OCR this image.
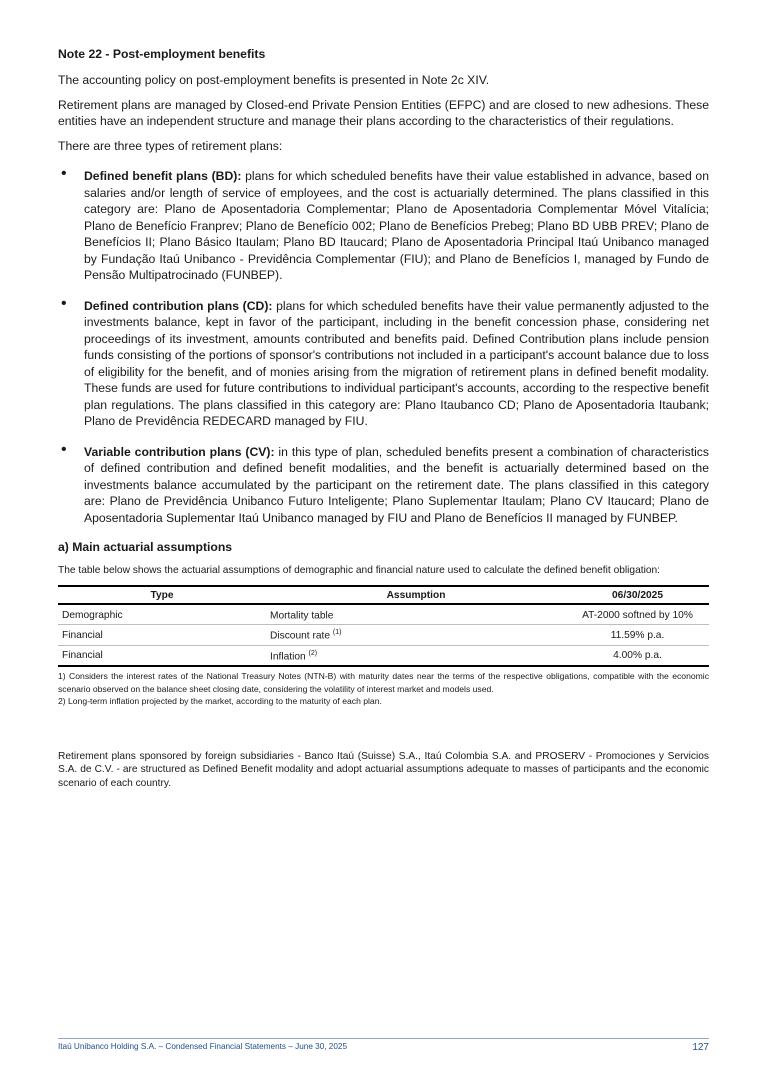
Note 22 - Post-employment benefits

The accounting policy on post-employment benefits is presented in Note 2c XIV.

Retirement plans are managed by Closed-end Private Pension Entities (EFPC) and are closed to new adhesions. These entities have an independent structure and manage their plans according to the characteristics of their regulations.

There are three types of retirement plans:

• Defined benefit plans (BD): plans for which scheduled benefits have their value established in advance, based on salaries and/or length of service of employees, and the cost is actuarially determined. The plans classified in this category are: Plano de Aposentadoria Complementar; Plano de Aposentadoria Complementar Móvel Vitalícia; Plano de Benefício Franprev; Plano de Benefício 002; Plano de Benefícios Prebeg; Plano BD UBB PREV; Plano de Benefícios II; Plano Básico Itaulam; Plano BD Itaucard; Plano de Aposentadoria Principal Itaú Unibanco managed by Fundação Itaú Unibanco - Previdência Complementar (FIU); and Plano de Benefícios I, managed by Fundo de Pensão Multipatrocinado (FUNBEP).
• Defined contribution plans (CD): plans for which scheduled benefits have their value permanently adjusted to the investments balance, kept in favor of the participant, including in the benefit concession phase, considering net proceedings of its investment, amounts contributed and benefits paid. Defined Contribution plans include pension funds consisting of the portions of sponsor's contributions not included in a participant's account balance due to loss of eligibility for the benefit, and of monies arising from the migration of retirement plans in defined benefit modality. These funds are used for future contributions to individual participant's accounts, according to the respective benefit plan regulations. The plans classified in this category are: Plano Itaubanco CD; Plano de Aposentadoria Itaubank; Plano de Previdência REDECARD managed by FIU.
• Variable contribution plans (CV): in this type of plan, scheduled benefits present a combination of characteristics of defined contribution and defined benefit modalities, and the benefit is actuarially determined based on the investments balance accumulated by the participant on the retirement date. The plans classified in this category are: Plano de Previdência Unibanco Futuro Inteligente; Plano Suplementar Itaulam; Plano CV Itaucard; Plano de Aposentadoria Suplementar Itaú Unibanco managed by FIU and Plano de Benefícios II managed by FUNBEP.
a) Main actuarial assumptions

The table below shows the actuarial assumptions of demographic and financial nature used to calculate the defined benefit obligation:

Type	Assumption	06/30/2025
Demographic	Mortality table	AT-2000 softned by 10%
Financial	Discount rate $^{(1)}$	11.59% p.a.
Financial	Inflation $^{(2)}$	4.00% p.a.
1) Considers the interest rates of the National Treasury Notes (NTN-B) with maturity dates near the terms of the respective obligations, compatible with the economic scenario observed on the balance sheet closing date, considering the volatility of interest market and models used.
2) Long-term inflation projected by the market, according to the maturity of each plan.
Retirement plans sponsored by foreign subsidiaries - Banco Itaú (Suisse) S.A., Itaú Colombia S.A. and PROSERV - Promociones y Servicios S.A. de C.V. - are structured as Defined Benefit modality and adopt actuarial assumptions adequate to masses of participants and the economic scenario of each country.
Itaú Unibanco Holding S.A. – Condensed Financial Statements – June 30, 2025	127
